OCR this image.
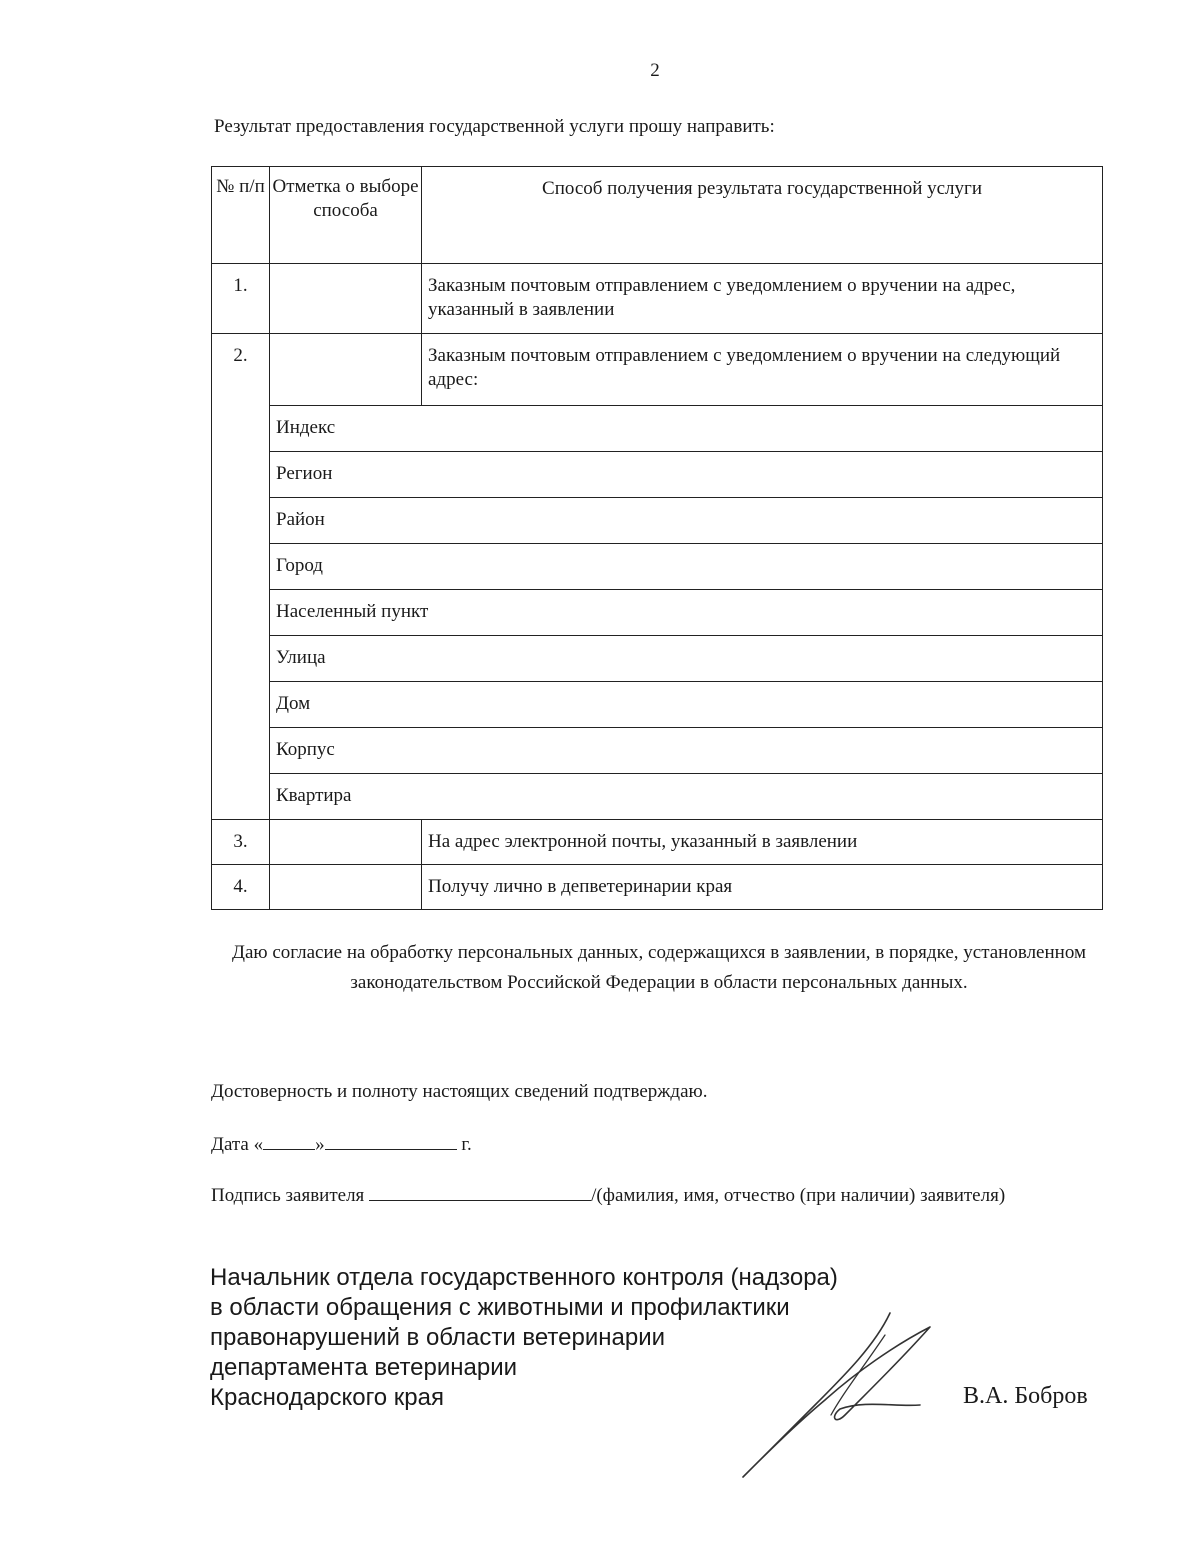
2
Результат предоставления государственной услуги прошу направить:
№ п/п	Отметка о выборе способа	Способ получения результата государственной услуги
1.		Заказным почтовым отправлением с уведомлением о вручении на адрес, указанный в заявлении
2.		Заказным почтовым отправлением с уведомлением о вручении на следующий адрес:
	Индекс	
	Регион	
	Район	
	Город	
	Населенный пункт	
	Улица	
	Дом	
	Корпус	
	Квартира	
3.		На адрес электронной почты, указанный в заявлении
4.		Получу лично в депветеринарии края
Даю согласие на обработку персональных данных, содержащихся в заявлении, в порядке, установленном законодательством Российской Федерации в области персональных данных.
Достоверность и полноту настоящих сведений подтверждаю.
Дата «	»	г.
Подпись заявителя	/(фамилия, имя, отчество (при наличии) заявителя)
Начальник отдела государственного контроля (надзора)
в области обращения с животными и профилактики
правонарушений в области ветеринарии
департамента ветеринарии
Краснодарского края	В.А. Бобров
